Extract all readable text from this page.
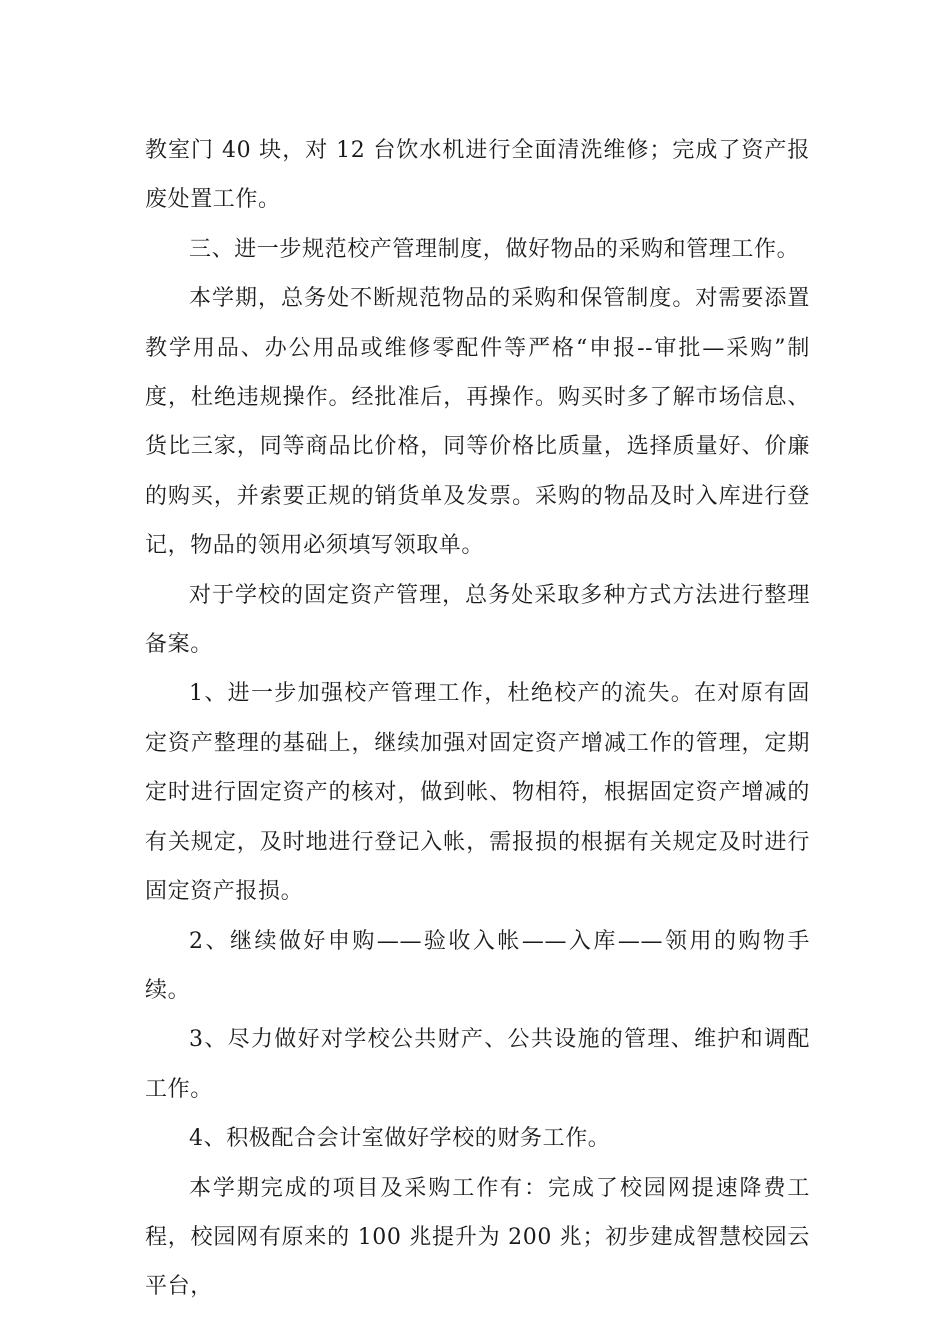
教室门 40 块，对 12 台饮水机进行全面清洗维修；完成了资产报废处置工作。

三、进一步规范校产管理制度，做好物品的采购和管理工作。

本学期，总务处不断规范物品的采购和保管制度。对需要添置教学用品、办公用品或维修零配件等严格“申报--审批—采购”制度，杜绝违规操作。经批准后，再操作。购买时多了解市场信息、货比三家，同等商品比价格，同等价格比质量，选择质量好、价廉的购买，并索要正规的销货单及发票。采购的物品及时入库进行登记，物品的领用必须填写领取单。

对于学校的固定资产管理，总务处采取多种方式方法进行整理备案。

1、进一步加强校产管理工作，杜绝校产的流失。在对原有固定资产整理的基础上，继续加强对固定资产增减工作的管理，定期定时进行固定资产的核对，做到帐、物相符，根据固定资产增减的有关规定，及时地进行登记入帐，需报损的根据有关规定及时进行固定资产报损。

2、继续做好申购——验收入帐——入库——领用的购物手续。

3、尽力做好对学校公共财产、公共设施的管理、维护和调配工作。

4、积极配合会计室做好学校的财务工作。

本学期完成的项目及采购工作有：完成了校园网提速降费工程，校园网有原来的 100 兆提升为 200 兆；初步建成智慧校园云平台，
